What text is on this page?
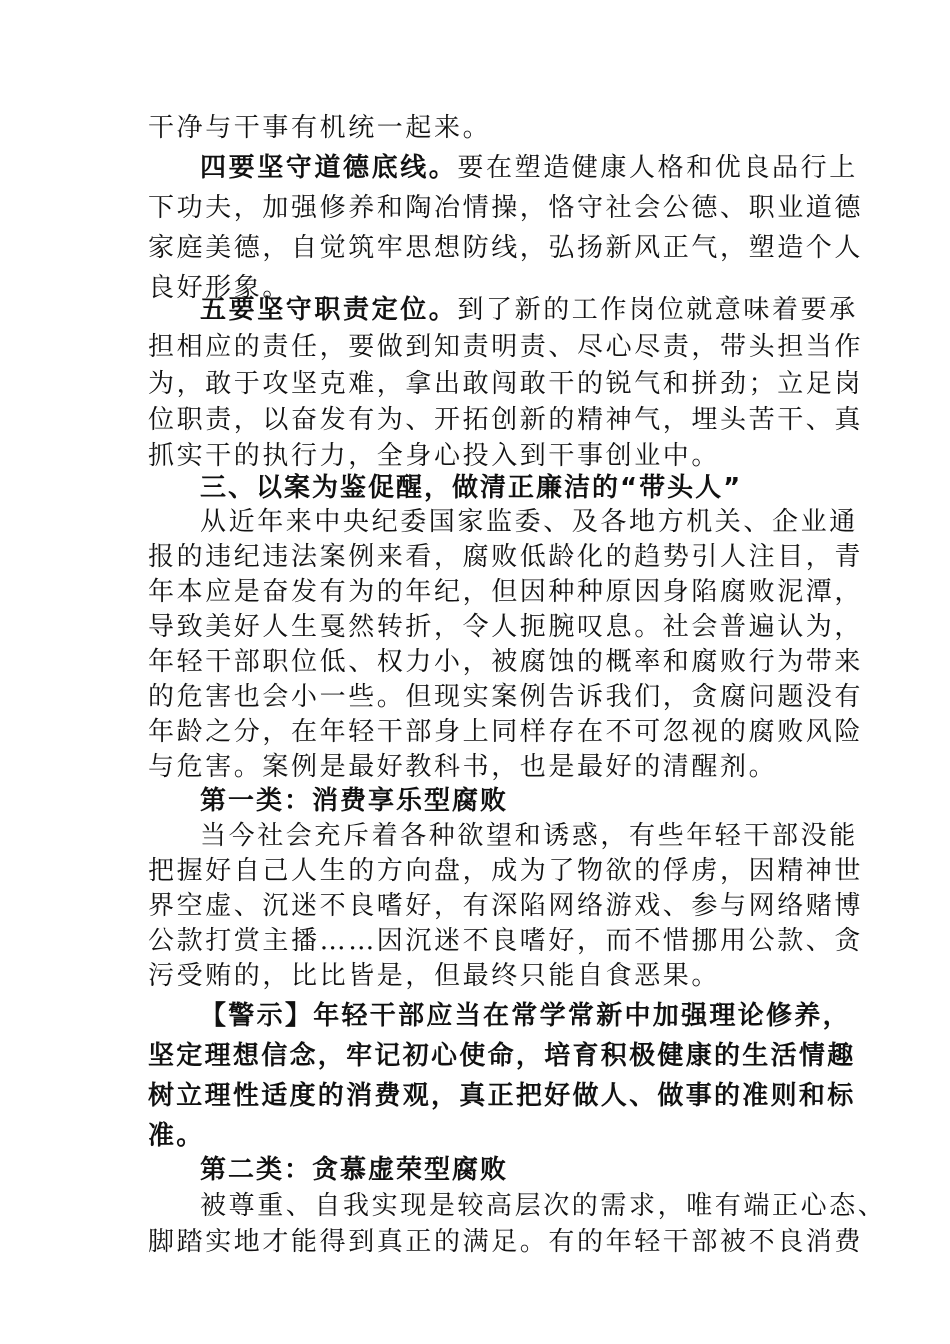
干净与干事有机统一起来。
四要坚守道德底线。要在塑造健康人格和优良品行上
下功夫，加强修养和陶冶情操，恪守社会公德、职业道德
家庭美德，自觉筑牢思想防线，弘扬新风正气，塑造个人
良好形象。
五要坚守职责定位。到了新的工作岗位就意味着要承
担相应的责任，要做到知责明责、尽心尽责，带头担当作
为，敢于攻坚克难，拿出敢闯敢干的锐气和拼劲；立足岗
位职责，以奋发有为、开拓创新的精神气，埋头苦干、真
抓实干的执行力，全身心投入到干事创业中。
三、以案为鉴促醒，做清正廉洁的“带头人”
从近年来中央纪委国家监委、及各地方机关、企业通
报的违纪违法案例来看，腐败低龄化的趋势引人注目，青
年本应是奋发有为的年纪，但因种种原因身陷腐败泥潭，
导致美好人生戛然转折，令人扼腕叹息。社会普遍认为，
年轻干部职位低、权力小，被腐蚀的概率和腐败行为带来
的危害也会小一些。但现实案例告诉我们，贪腐问题没有
年龄之分，在年轻干部身上同样存在不可忽视的腐败风险
与危害。案例是最好教科书，也是最好的清醒剂。
第一类：消费享乐型腐败
当今社会充斥着各种欲望和诱惑，有些年轻干部没能
把握好自己人生的方向盘，成为了物欲的俘虏，因精神世
界空虚、沉迷不良嗜好，有深陷网络游戏、参与网络赌博
公款打赏主播……因沉迷不良嗜好，而不惜挪用公款、贪
污受贿的，比比皆是，但最终只能自食恶果。
【警示】年轻干部应当在常学常新中加强理论修养，
坚定理想信念，牢记初心使命，培育积极健康的生活情趣
树立理性适度的消费观，真正把好做人、做事的准则和标
准。
第二类：贪慕虚荣型腐败
被尊重、自我实现是较高层次的需求，唯有端正心态、
脚踏实地才能得到真正的满足。有的年轻干部被不良消费
